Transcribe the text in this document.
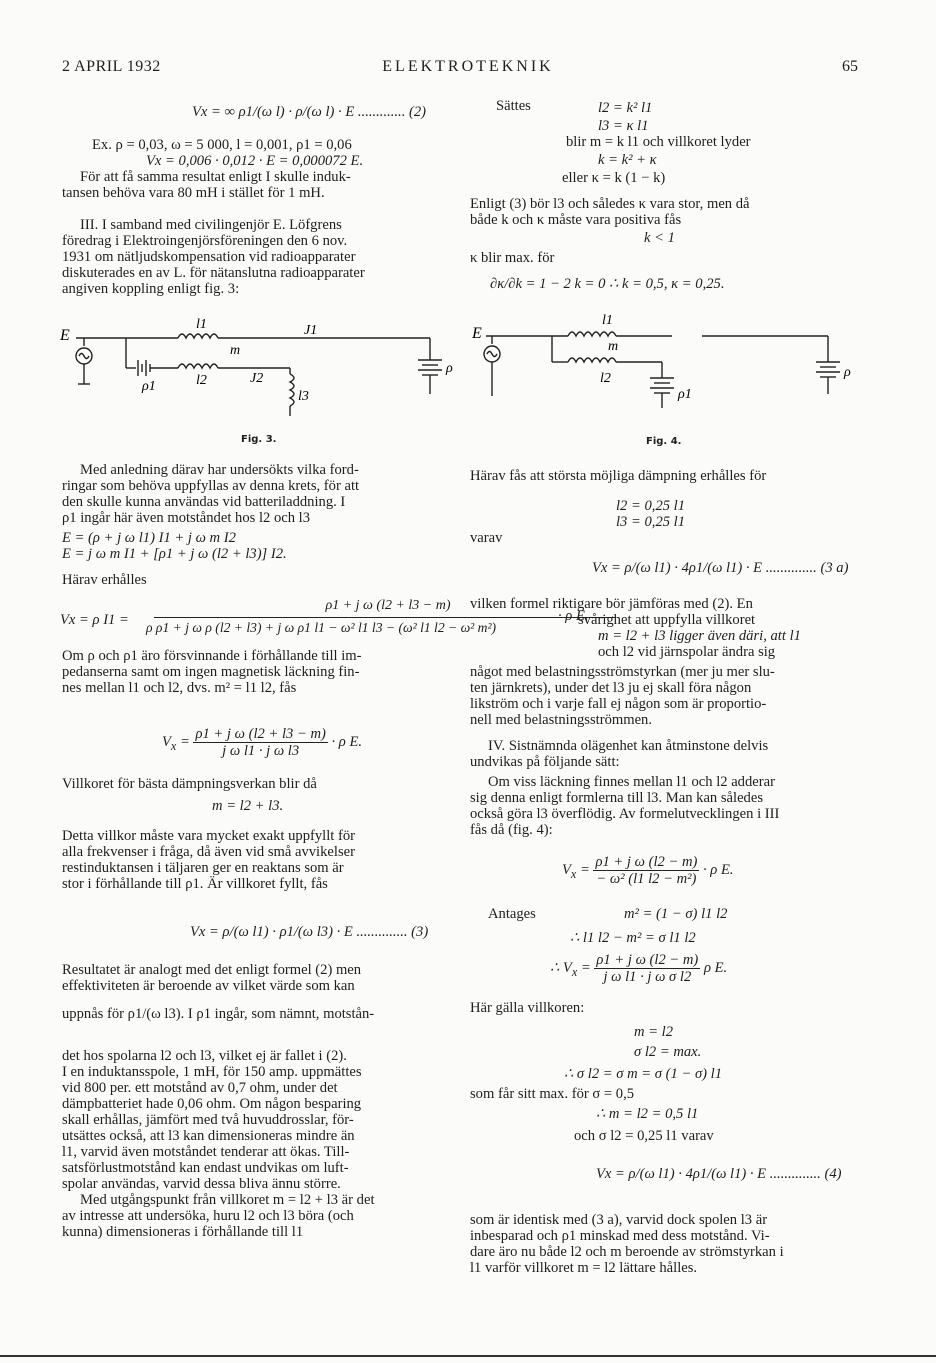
2 APRIL 1932	ELEKTROTEKNIK	65
Vx = ∞ ρ1/(ω l) · ρ/(ω l) · E ............. (2)
Ex. ρ = 0,03, ω = 5 000, l = 0,001, ρ1 = 0,06
Vx = 0,006 · 0,012 · E = 0,000072 E.
För att få samma resultat enligt I skulle induk-
tansen behöva vara 80 mH i stället för 1 mH.
III. I samband med civilingenjör E. Löfgrens
föredrag i Elektroingenjörsföreningen den 6 nov.
1931 om nätljudskompensation vid radioapparater
diskuterades en av L. för nätanslutna radioapparater
angiven koppling enligt fig. 3:
E
l1	J1
m
ρ1	l2	J2
l3
ρ
Fig. 3.
Med anledning därav har undersökts vilka ford-
ringar som behöva uppfyllas av denna krets, för att
den skulle kunna användas vid batteriladdning. I
ρ1 ingår här även motståndet hos l2 och l3
E = (ρ + j ω l1) I1 + j ω m I2
E = j ω m I1 + [ρ1 + j ω (l2 + l3)] I2.
Härav erhålles
Vx = ρ I1 =
ρ1 + j ω (l2 + l3 − m)
ρ ρ1 + j ω ρ (l2 + l3) + j ω ρ1 l1 − ω² l1 l3 − (ω² l1 l2 − ω² m²)
· ρ E.
Om ρ och ρ1 äro försvinnande i förhållande till im-
pedanserna samt om ingen magnetisk läckning fin-
nes mellan l1 och l2, dvs. m² = l1 l2, fås
$V_x = \frac{\text{ρ1 + j ω (l2 + l3 − m)}}{\text{j ω l1 · j ω l3}} \cdot \rho$ E.
Villkoret för bästa dämpningsverkan blir då
m = l2 + l3.
Detta villkor måste vara mycket exakt uppfyllt för
alla frekvenser i fråga, då även vid små avvikelser
restinduktansen i täljaren ger en reaktans som är
stor i förhållande till ρ1. Är villkoret fyllt, fås
Vx = ρ/(ω l1) · ρ1/(ω l3) · E .............. (3)
Resultatet är analogt med det enligt formel (2) men
effektiviteten är beroende av vilket värde som kan
uppnås för ρ1/(ω l3). I ρ1 ingår, som nämnt, motstån-
det hos spolarna l2 och l3, vilket ej är fallet i (2).
I en induktansspole, 1 mH, för 150 amp. uppmättes
vid 800 per. ett motstånd av 0,7 ohm, under det
dämpbatteriet hade 0,06 ohm. Om någon besparing
skall erhållas, jämfört med två huvuddrosslar, för-
utsättes också, att l3 kan dimensioneras mindre än
l1, varvid även motståndet tenderar att ökas. Till-
satsförlustmotstånd kan endast undvikas om luft-
spolar användas, varvid dessa bliva ännu större.
Med utgångspunkt från villkoret m = l2 + l3 är det
av intresse att undersöka, huru l2 och l3 böra (och
kunna) dimensioneras i förhållande till l1
Sättes	l2 = k² l1
l3 = κ l1
blir m = k l1 och villkoret lyder
k = k² + κ
eller κ = k (1 − k)
Enligt (3) bör l3 och således κ vara stor, men då
både k och κ måste vara positiva fås
k < 1
κ blir max. för
∂κ/∂k = 1 − 2 k = 0 ∴ k = 0,5, κ = 0,25.
E
l1
m
l2
ρ1
ρ
Fig. 4.
Härav fås att största möjliga dämpning erhålles för
l2 = 0,25 l1
l3 = 0,25 l1
varav
Vx = ρ/(ω l1) · 4ρ1/(ω l1) · E .............. (3 a)
vilken formel riktigare bör jämföras med (2). En
svårighet att uppfylla villkoret
m = l2 + l3 ligger även däri, att l1
och l2 vid järnspolar ändra sig
något med belastningsströmstyrkan (mer ju mer slu-
ten järnkrets), under det l3 ju ej skall föra någon
likström och i varje fall ej någon som är proportio-
nell med belastningsströmmen.
IV. Sistnämnda olägenhet kan åtminstone delvis
undvikas på följande sätt:
Om viss läckning finnes mellan l1 och l2 adderar
sig denna enligt formlerna till l3. Man kan således
också göra l3 överflödig. Av formelutvecklingen i III
fås då (fig. 4):
$V_x = \frac{\text{ρ1 + j ω (l2 − m)}}{\text{− ω² (l1 l2 − m²)}} \cdot \rho$ E.
Antages	m² = (1 − σ) l1 l2
∴ l1 l2 − m² = σ l1 l2
∴ $V_x = \frac{\text{ρ1 + j ω (l2 − m)}}{\text{j ω l1 · j ω σ l2}}$ ρ E.
Här gälla villkoren:
m = l2
σ l2 = max.
∴ σ l2 = σ m = σ (1 − σ) l1
som får sitt max. för σ = 0,5
∴ m = l2 = 0,5 l1
och σ l2 = 0,25 l1 varav
Vx = ρ/(ω l1) · 4ρ1/(ω l1) · E .............. (4)
som är identisk med (3 a), varvid dock spolen l3 är
inbesparad och ρ1 minskad med dess motstånd. Vi-
dare äro nu både l2 och m beroende av strömstyrkan i
l1 varför villkoret m = l2 lättare hålles.
